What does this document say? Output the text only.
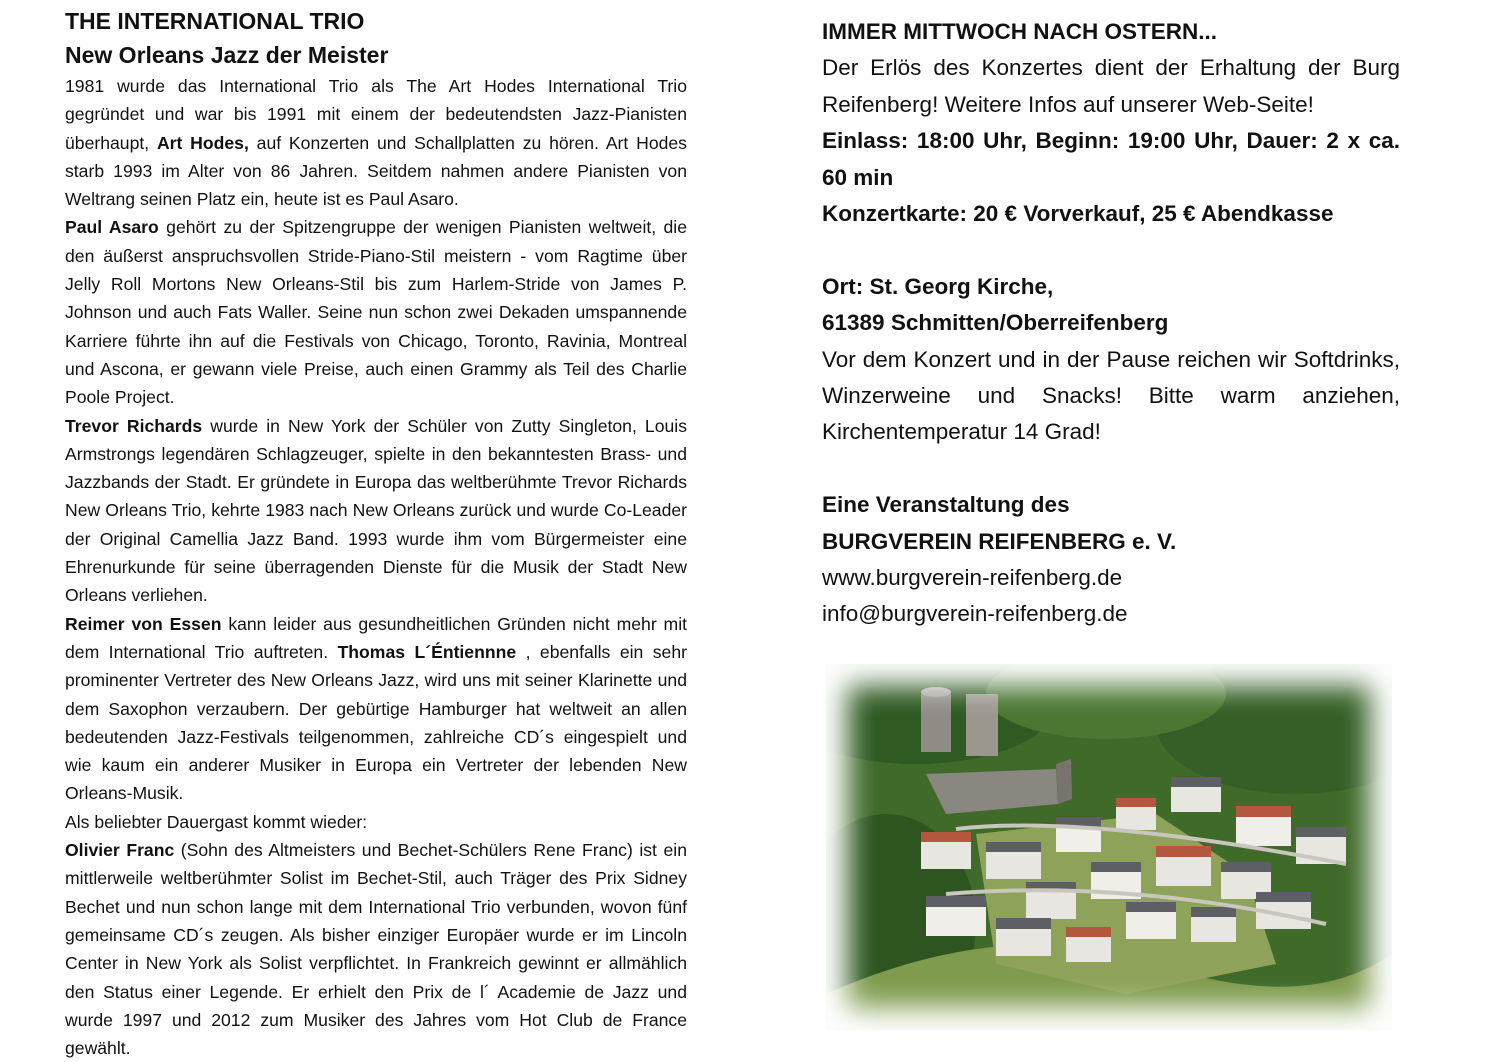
THE INTERNATIONAL TRIO
New Orleans Jazz der Meister

1981 wurde das International Trio als The Art Hodes International Trio gegründet und war bis 1991 mit einem der bedeutendsten Jazz-Pianisten überhaupt, Art Hodes, auf Konzerten und Schallplatten zu hören. Art Hodes starb 1993 im Alter von 86 Jahren. Seitdem nahmen andere Pianisten von Weltrang seinen Platz ein, heute ist es Paul Asaro.

Paul Asaro gehört zu der Spitzengruppe der wenigen Pianisten weltweit, die den äußerst anspruchsvollen Stride-Piano-Stil meistern - vom Ragtime über Jelly Roll Mortons New Orleans-Stil bis zum Harlem-Stride von James P. Johnson und auch Fats Waller. Seine nun schon zwei Dekaden umspannende Karriere führte ihn auf die Festivals von Chicago, Toronto, Ravinia, Montreal und Ascona, er gewann viele Preise, auch einen Grammy als Teil des Charlie Poole Project.

Trevor Richards wurde in New York der Schüler von Zutty Singleton, Louis Armstrongs legendären Schlagzeuger, spielte in den bekanntesten Brass- und Jazzbands der Stadt. Er gründete in Europa das weltberühmte Trevor Richards New Orleans Trio, kehrte 1983 nach New Orleans zurück und wurde Co-Leader der Original Camellia Jazz Band. 1993 wurde ihm vom Bürgermeister eine Ehrenurkunde für seine überragenden Dienste für die Musik der Stadt New Orleans verliehen.

Reimer von Essen kann leider aus gesundheitlichen Gründen nicht mehr mit dem International Trio auftreten. Thomas L´Éntiennne , ebenfalls ein sehr prominenter Vertreter des New Orleans Jazz, wird uns mit seiner Klarinette und dem Saxophon verzaubern. Der gebürtige Hamburger hat weltweit an allen bedeutenden Jazz-Festivals teilgenommen, zahlreiche CD´s eingespielt und wie kaum ein anderer Musiker in Europa ein Vertreter der lebenden New Orleans-Musik.

Als beliebter Dauergast kommt wieder:

Olivier Franc (Sohn des Altmeisters und Bechet-Schülers Rene Franc) ist ein mittlerweile weltberühmter Solist im Bechet-Stil, auch Träger des Prix Sidney Bechet und nun schon lange mit dem International Trio verbunden, wovon fünf gemeinsame CD´s zeugen. Als bisher einziger Europäer wurde er im Lincoln Center in New York als Solist verpflichtet. In Frankreich gewinnt er allmählich den Status einer Legende. Er erhielt den Prix de l´ Academie de Jazz und wurde 1997 und 2012 zum Musiker des Jahres vom Hot Club de France gewählt.

IMMER MITTWOCH NACH OSTERN...

Der Erlös des Konzertes dient der Erhaltung der Burg Reifenberg! Weitere Infos auf unserer Web-Seite!

Einlass: 18:00 Uhr, Beginn: 19:00 Uhr, Dauer: 2 x ca. 60 min

Konzertkarte: 20 € Vorverkauf, 25 € Abendkasse

Ort: St. Georg Kirche,

61389 Schmitten/Oberreifenberg

Vor dem Konzert und in der Pause reichen wir Softdrinks, Winzerweine und Snacks! Bitte warm anziehen, Kirchentemperatur 14 Grad!

Eine Veranstaltung des

BURGVEREIN REIFENBERG e. V.

www.burgverein-reifenberg.de

info@burgverein-reifenberg.de
